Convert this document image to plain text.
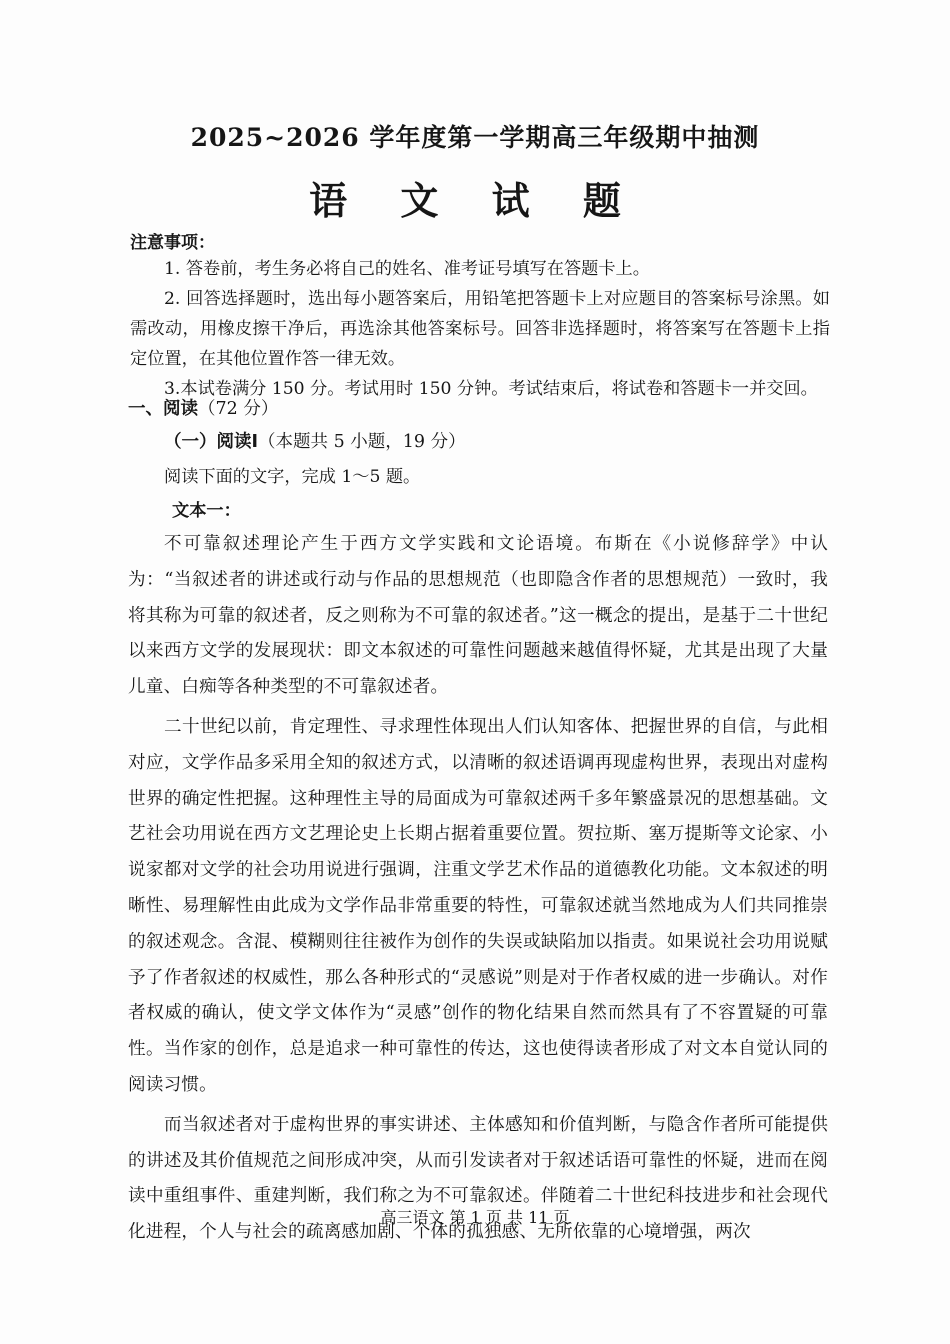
2025~2026 学年度第一学期高三年级期中抽测
语 文 试 题
注意事项：

1. 答卷前，考生务必将自己的姓名、准考证号填写在答题卡上。

2. 回答选择题时，选出每小题答案后，用铅笔把答题卡上对应题目的答案标号涂黑。如需改动，用橡皮擦干净后，再选涂其他答案标号。回答非选择题时，将答案写在答题卡上指定位置，在其他位置作答一律无效。

3.本试卷满分 150 分。考试用时 150 分钟。考试结束后，将试卷和答题卡一并交回。

一、阅读（72 分）
（一）阅读Ⅰ（本题共 5 小题，19 分）
阅读下面的文字，完成 1～5 题。
文本一：

不可靠叙述理论产生于西方文学实践和文论语境。布斯在《小说修辞学》中认为：“当叙述者的讲述或行动与作品的思想规范（也即隐含作者的思想规范）一致时，我将其称为可靠的叙述者，反之则称为不可靠的叙述者。”这一概念的提出，是基于二十世纪以来西方文学的发展现状：即文本叙述的可靠性问题越来越值得怀疑，尤其是出现了大量儿童、白痴等各种类型的不可靠叙述者。

二十世纪以前，肯定理性、寻求理性体现出人们认知客体、把握世界的自信，与此相对应，文学作品多采用全知的叙述方式，以清晰的叙述语调再现虚构世界，表现出对虚构世界的确定性把握。这种理性主导的局面成为可靠叙述两千多年繁盛景况的思想基础。文艺社会功用说在西方文艺理论史上长期占据着重要位置。贺拉斯、塞万提斯等文论家、小说家都对文学的社会功用说进行强调，注重文学艺术作品的道德教化功能。文本叙述的明晰性、易理解性由此成为文学作品非常重要的特性，可靠叙述就当然地成为人们共同推崇的叙述观念。含混、模糊则往往被作为创作的失误或缺陷加以指责。如果说社会功用说赋予了作者叙述的权威性，那么各种形式的“灵感说”则是对于作者权威的进一步确认。对作者权威的确认，使文学文体作为“灵感”创作的物化结果自然而然具有了不容置疑的可靠性。当作家的创作，总是追求一种可靠性的传达，这也使得读者形成了对文本自觉认同的阅读习惯。

而当叙述者对于虚构世界的事实讲述、主体感知和价值判断，与隐含作者所可能提供的讲述及其价值规范之间形成冲突，从而引发读者对于叙述话语可靠性的怀疑，进而在阅读中重组事件、重建判断，我们称之为不可靠叙述。伴随着二十世纪科技进步和社会现代化进程，个人与社会的疏离感加剧、个体的孤独感、无所依靠的心境增强，两次

高三语文 第 1 页 共 11 页
